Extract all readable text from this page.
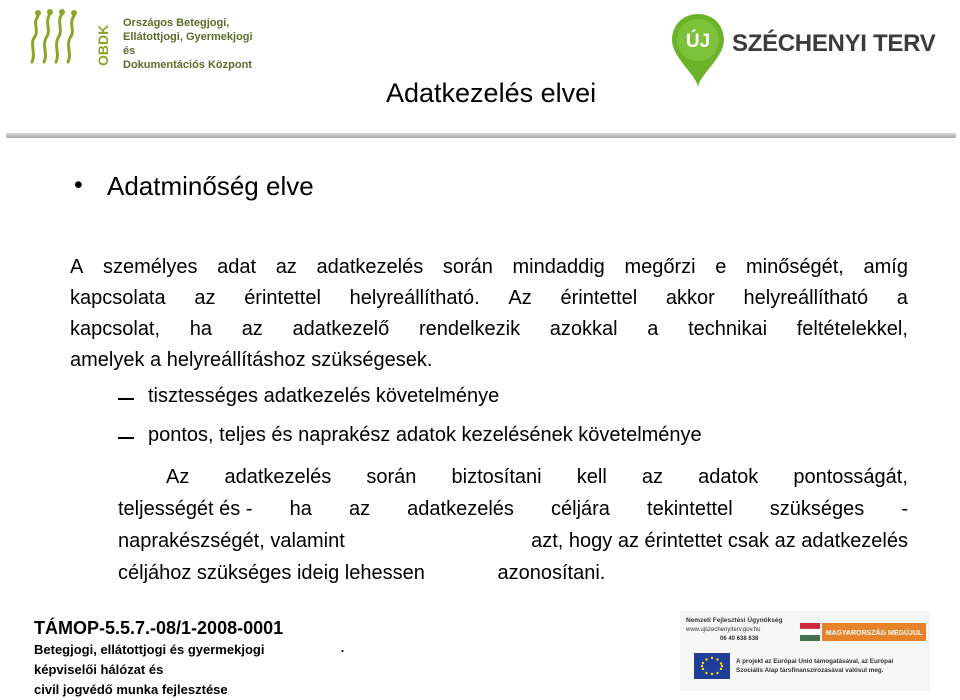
OBDK
Országos Betegjogi,
Ellátottjogi, Gyermekjogi és
Dokumentációs Központ
ÚJ SZÉCHENYI TERV
Adatkezelés elvei
• Adatminőség elve
A személyes adat az adatkezelés során mindaddig megőrzi e minőségét, amíg
kapcsolata az érintettel helyreállítható. Az érintettel akkor helyreállítható a
kapcsolat, ha az adatkezelő rendelkezik azokkal a technikai feltételekkel,
amelyek a helyreállításhoz szükségesek.
tisztességes adatkezelés követelménye
pontos, teljes és naprakész adatok kezelésének követelménye
Az adatkezelés során biztosítani kell az adatok pontosságát,
teljességét és - ha az adatkezelés céljára tekintettel szükséges -
naprakészségét, valamint	azt, hogy az érintettet csak az adatkezelés
céljához szükséges ideig lehessen	azonosítani.
TÁMOP-5.5.7.-08/1-2008-0001
Betegjogi, ellátottjogi és gyermekjogi
képviselői hálózat és
civil jogvédő munka fejlesztése
.
Nemzeti Fejlesztési Ügynökség
www.ujszechenyiterv.gov.hu
06 40 638 638
MAGYARORSZÁG MEGÚJUL
A projekt az Európai Unió támogatásával, az Európai
Szociális Alap társfinanszírozásával valósul meg.
